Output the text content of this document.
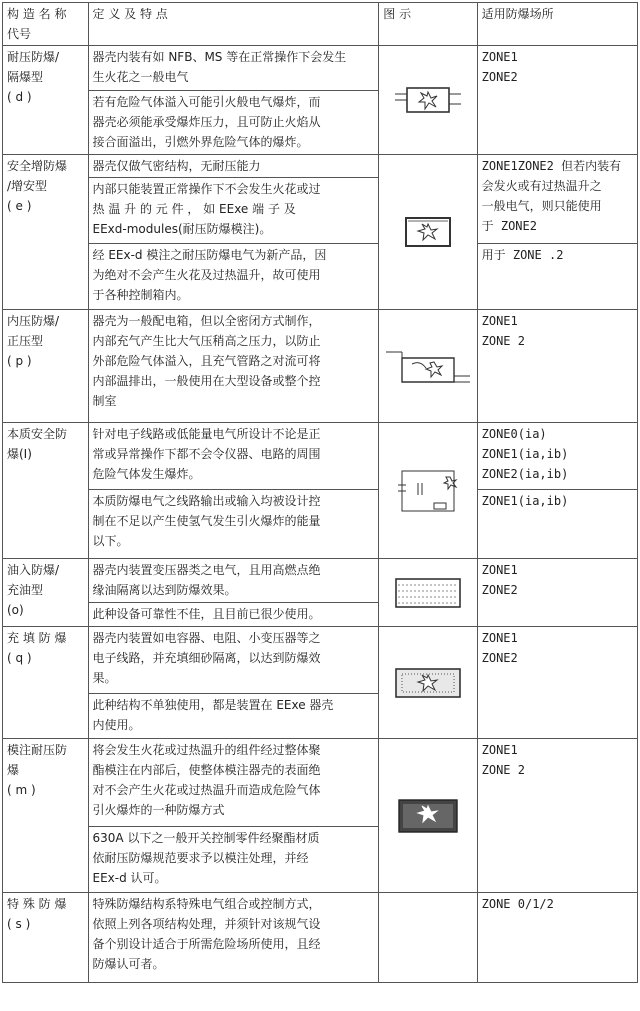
构 造 名 称
代号	定 义 及 特 点	图 示	适用防爆场所

耐压防爆/
隔爆型
( d )	器壳内装有如 NFB、MS 等在正常操作下会发生
生火花之一般电气		ZONE1
ZONE2

	若有危险气体溢入可能引火般电气爆炸，而
器壳必须能承受爆炸压力，且可防止火焰从
接合面溢出，引燃外界危险气体的爆炸。		

安全增防爆
/增安型
( e )	器壳仅做气密结构，无耐压能力		ZONE1ZONE2 但若内装有
会发火或有过热温升之
一般电气，则只能使用
于 ZONE2

	内部只能装置正常操作下不会发生火花或过
热 温 升 的 元 件 ， 如 EExe 端 子 及
EExd-modules(耐压防爆模注)。		

	经 EEx-d 模注之耐压防爆电气为新产品，因
为绝对不会产生火花及过热温升，故可使用
于各种控制箱内。		用于 ZONE .2

内压防爆/
正压型
( p )	器壳为一般配电箱，但以全密闭方式制作，
内部充气产生比大气压稍高之压力，以防止
外部危险气体溢入，且充气管路之对流可将
内部温排出，一般使用在大型设备或整个控
制室		ZONE1
ZONE 2

本质安全防
爆(I)	针对电子线路或低能量电气所设计不论是正
常或异常操作下都不会令仪器、电路的周围
危险气体发生爆炸。		ZONE0(ia)
ZONE1(ia,ib)
ZONE2(ia,ib)

	本质防爆电气之线路输出或输入均被设计控
制在不足以产生使氢气发生引火爆炸的能量
以下。		ZONE1(ia,ib)

油入防爆/
充油型
(o)	器壳内装置变压器类之电气，且用高燃点绝
缘油隔离以达到防爆效果。		ZONE1
ZONE2

	此种设备可靠性不佳，且目前已很少使用。		

充 填 防 爆
( q )	器壳内装置如电容器、电阻、小变压器等之
电子线路，并充填细砂隔离，以达到防爆效
果。		ZONE1
ZONE2

	此种结构不单独使用，都是装置在 EExe 器壳
内使用。		

模注耐压防
爆
( m )	将会发生火花或过热温升的组件经过整体聚
酯模注在内部后，使整体模注器壳的表面绝
对不会产生火花或过热温升而造成危险气体
引火爆炸的一种防爆方式		ZONE1
ZONE 2

	630A 以下之一般开关控制零件经聚酯材质
依耐压防爆规范要求予以模注处理，并经
EEx-d 认可。		

特 殊 防 爆
( s )	特殊防爆结构系特殊电气组合或控制方式，
依照上列各项结构处理，并须针对该规气设
备个别设计适合于所需危险场所使用，且经
防爆认可者。		ZONE 0/1/2
